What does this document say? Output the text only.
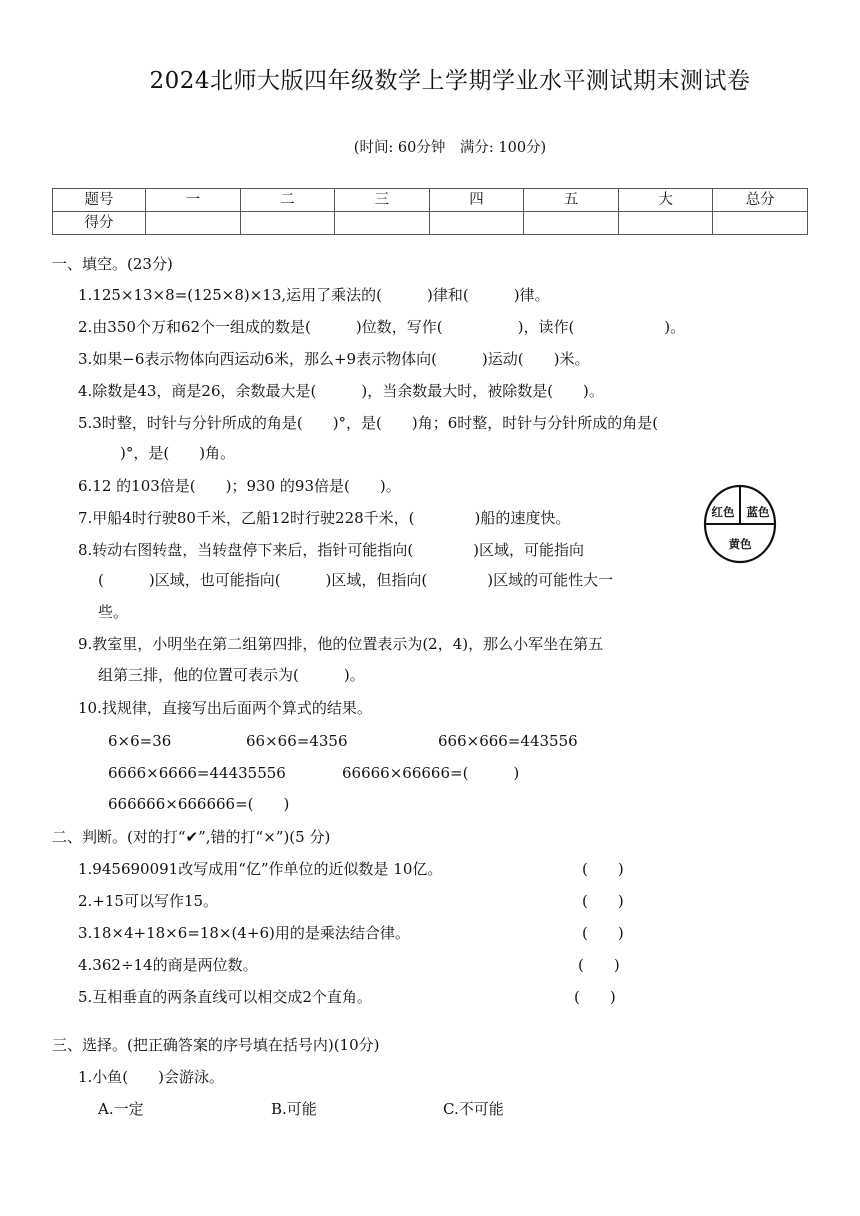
2024北师大版四年级数学上学期学业水平测试期末测试卷
(时间: 60分钟　满分: 100分)
题号	一	二	三	四	五	大	总分
得分							
一、填空。(23分)
1.125×13×8=(125×8)×13,运用了乘法的(　　　)律和(　　　)律。
2.由350个万和62个一组成的数是(　　　)位数，写作(　　　　　)，读作(　　　　　　)。
3.如果−6表示物体向西运动6米，那么+9表示物体向(　　　)运动(　　)米。
4.除数是43，商是26，余数最大是(　　　)，当余数最大时，被除数是(　　)。
5.3时整，时针与分针所成的角是(　　)°，是(　　)角；6时整，时针与分针所成的角是(
)°，是(　　)角。
6.12 的103倍是(　　)；930 的93倍是(　　)。
7.甲船4时行驶80千米，乙船12时行驶228千米，(　　　　)船的速度快。
8.转动右图转盘，当转盘停下来后，指针可能指向(　　　　)区域，可能指向
(　　　)区域，也可能指向(　　　)区域，但指向(　　　　)区域的可能性大一
些。
9.教室里，小明坐在第二组第四排，他的位置表示为(2，4)，那么小军坐在第五
组第三排，他的位置可表示为(　　　)。
10.找规律，直接写出后面两个算式的结果。
6×6=36	66×66=4356	666×666=443556
6666×6666=44435556	66666×66666=(　　　)
666666×666666=(　　)
红色 蓝色
黄色
二、判断。(对的打“✔”,错的打“×”)(5 分)
1.945690091改写成用“亿”作单位的近似数是 10亿。	(　　)
2.+15可以写作15。	(　　)
3.18×4+18×6=18×(4+6)用的是乘法结合律。	(　　)
4.362÷14的商是两位数。	(　　)
5.互相垂直的两条直线可以相交成2个直角。	(　　)
三、选择。(把正确答案的序号填在括号内)(10分)
1.小鱼(　　)会游泳。
A.一定	B.可能	C.不可能
